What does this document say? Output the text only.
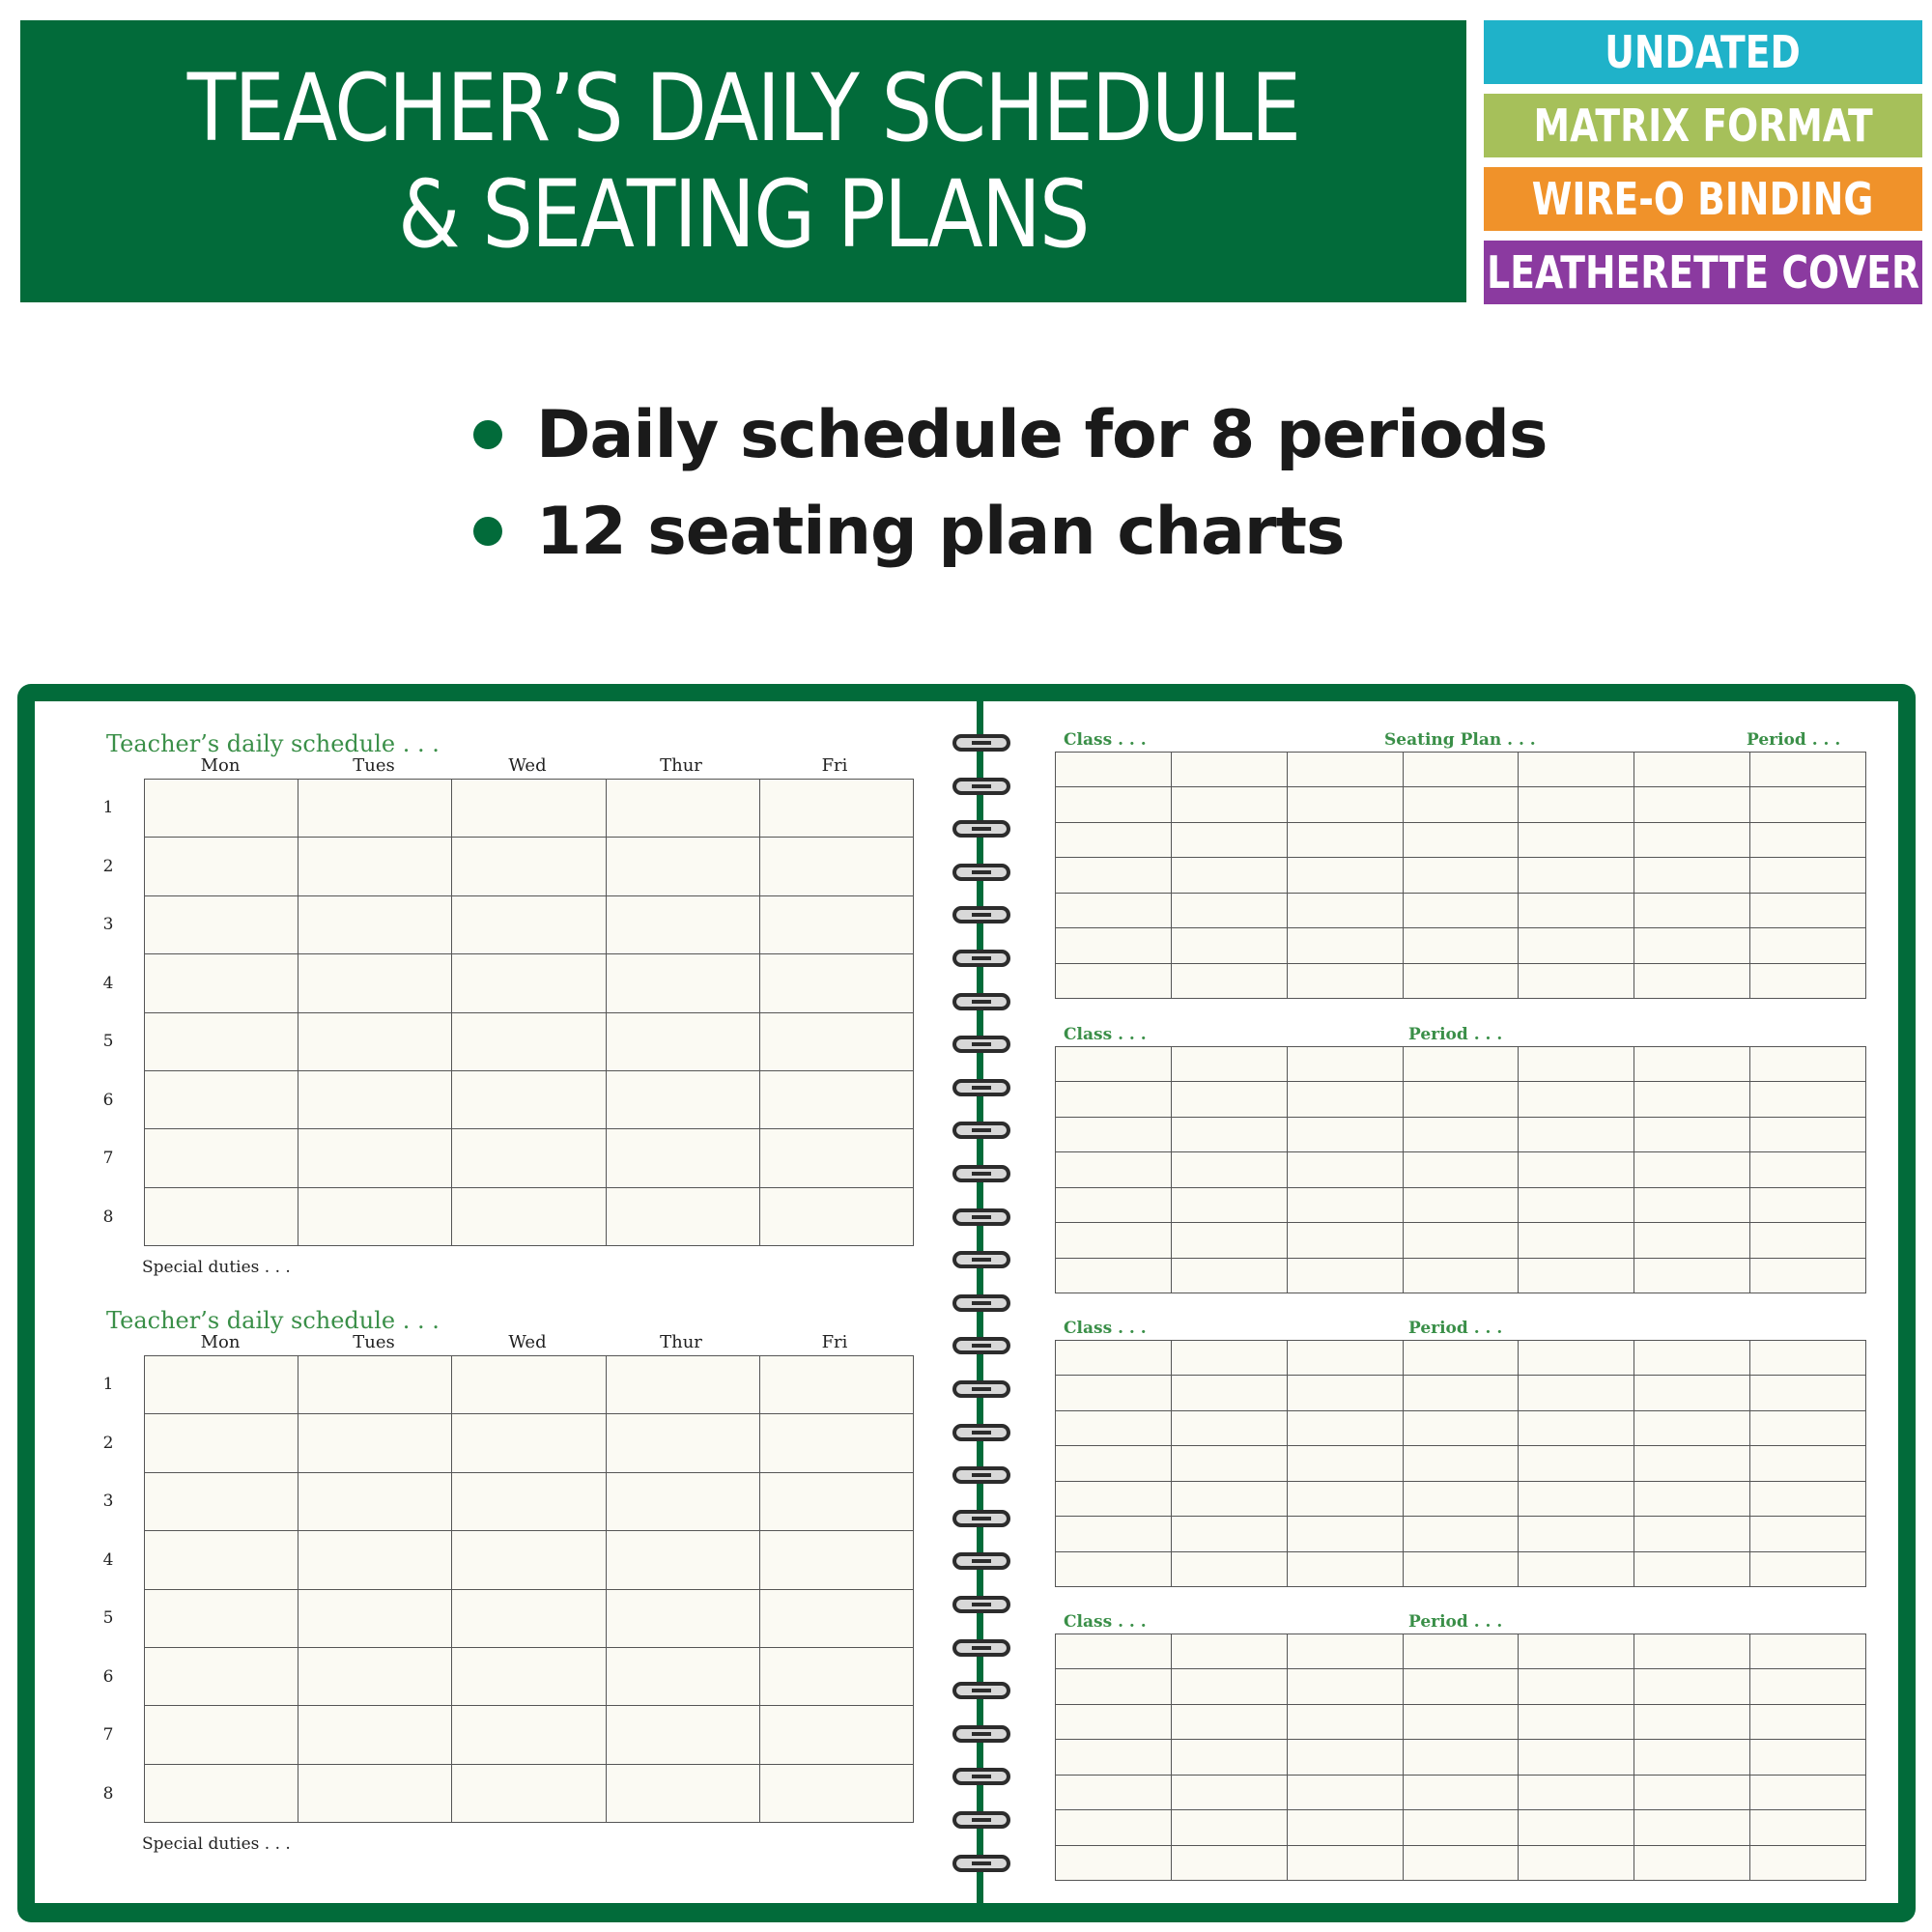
TEACHER’S DAILY SCHEDULE
& SEATING PLANS
UNDATED
MATRIX FORMAT
WIRE-O BINDING
LEATHERETTE COVER
Daily schedule for 8 periods
12 seating plan charts
Teacher’s daily schedule . . .
Mon	Tues	Wed	Thur	Fri
1
2
3
4
5
6
7
8
Special duties . . .
Teacher’s daily schedule . . .
Mon	Tues	Wed	Thur	Fri
1
2
3
4
5
6
7
8
Special duties . . .
Class . . .	Seating Plan . . .	Period . . .
Class . . .	Period . . .
Class . . .	Period . . .
Class . . .	Period . . .
